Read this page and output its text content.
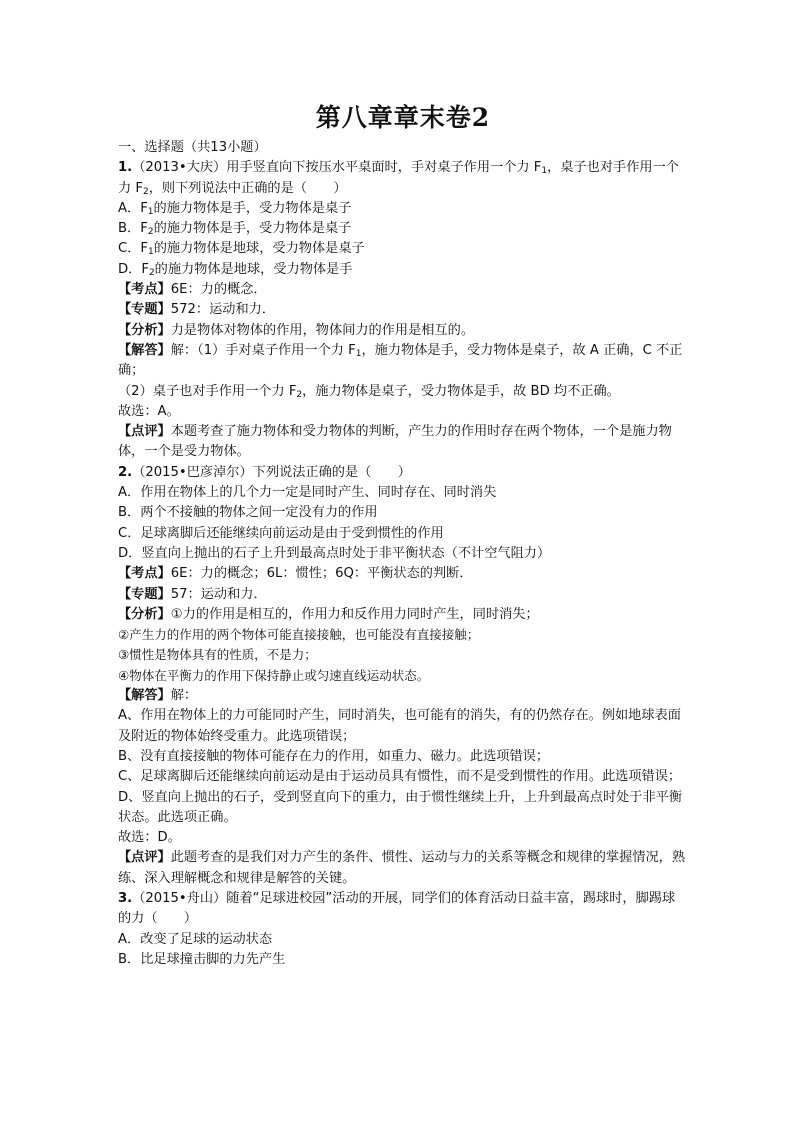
第八章章末卷2
一、选择题（共13小题）
1.（2013•大庆）用手竖直向下按压水平桌面时，手对桌子作用一个力 $F_1$，桌子也对手作用一个力 $F_2$，则下列说法中正确的是（　　）
A．$F_1$的施力物体是手，受力物体是桌子
B．$F_2$的施力物体是手，受力物体是桌子
C．$F_1$的施力物体是地球，受力物体是桌子
D．$F_2$的施力物体是地球，受力物体是手
【考点】6E：力的概念．
【专题】572：运动和力．
【分析】力是物体对物体的作用，物体间力的作用是相互的。
【解答】解：（1）手对桌子作用一个力 $F_1$，施力物体是手，受力物体是桌子，故 A 正确，C 不正确；
（2）桌子也对手作用一个力 $F_2$，施力物体是桌子，受力物体是手，故 BD 均不正确。
故选：A。
【点评】本题考查了施力物体和受力物体的判断，产生力的作用时存在两个物体，一个是施力物体，一个是受力物体。
2.（2015•巴彦淖尔）下列说法正确的是（　　）
A．作用在物体上的几个力一定是同时产生、同时存在、同时消失
B．两个不接触的物体之间一定没有力的作用
C．足球离脚后还能继续向前运动是由于受到惯性的作用
D．竖直向上抛出的石子上升到最高点时处于非平衡状态（不计空气阻力）
【考点】6E：力的概念；6L：惯性；6Q：平衡状态的判断．
【专题】57：运动和力．
【分析】①力的作用是相互的，作用力和反作用力同时产生，同时消失；
②产生力的作用的两个物体可能直接接触，也可能没有直接接触；
③惯性是物体具有的性质，不是力；
④物体在平衡力的作用下保持静止或匀速直线运动状态。
【解答】解：
A、作用在物体上的力可能同时产生，同时消失，也可能有的消失，有的仍然存在。例如地球表面及附近的物体始终受重力。此选项错误；
B、没有直接接触的物体可能存在力的作用，如重力、磁力。此选项错误；
C、足球离脚后还能继续向前运动是由于运动员具有惯性，而不是受到惯性的作用。此选项错误；
D、竖直向上抛出的石子，受到竖直向下的重力，由于惯性继续上升，上升到最高点时处于非平衡状态。此选项正确。
故选：D。
【点评】此题考查的是我们对力产生的条件、惯性、运动与力的关系等概念和规律的掌握情况，熟练、深入理解概念和规律是解答的关键。
3.（2015•舟山）随着“足球进校园”活动的开展，同学们的体育活动日益丰富，踢球时，脚踢球的力（　　）
A．改变了足球的运动状态
B．比足球撞击脚的力先产生
